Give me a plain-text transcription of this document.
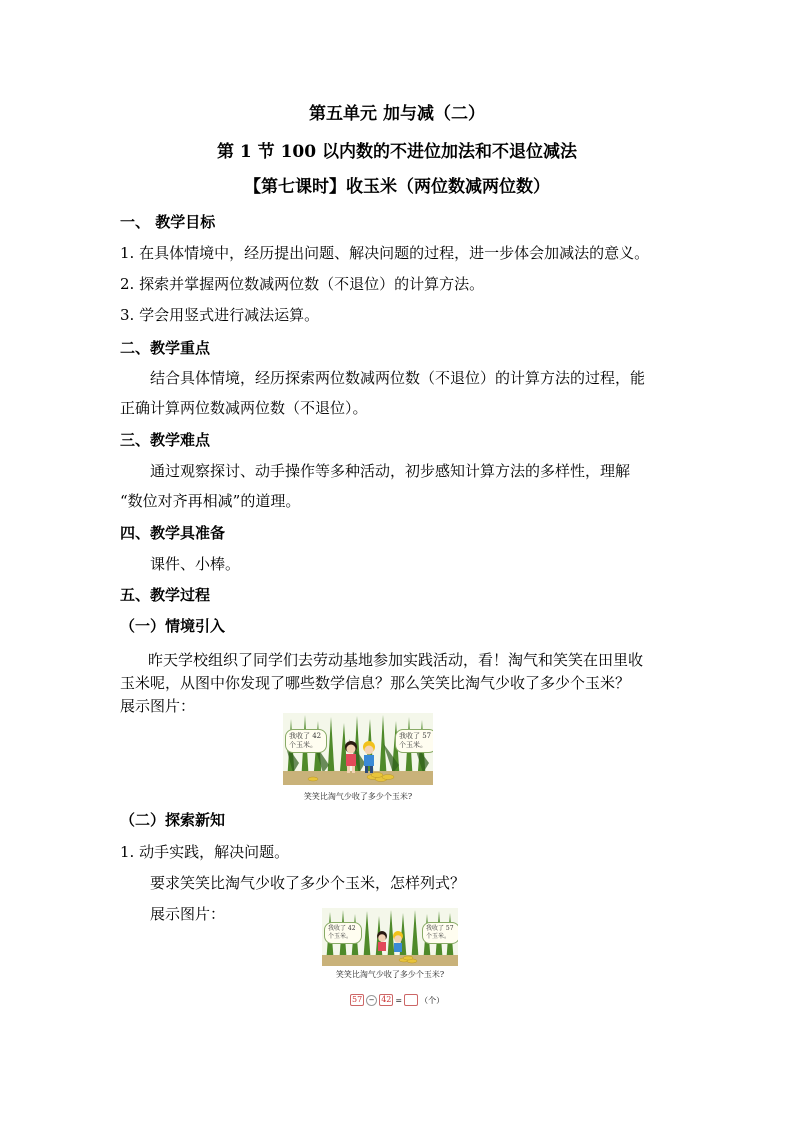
第五单元 加与减（二）
第 1 节 100 以内数的不进位加法和不退位减法
【第七课时】收玉米（两位数减两位数）
一、 教学目标
1. 在具体情境中，经历提出问题、解决问题的过程，进一步体会加减法的意义。
2. 探索并掌握两位数减两位数（不退位）的计算方法。
3. 学会用竖式进行减法运算。
二、教学重点
结合具体情境，经历探索两位数减两位数（不退位）的计算方法的过程，能
正确计算两位数减两位数（不退位）。
三、教学难点
通过观察探讨、动手操作等多种活动，初步感知计算方法的多样性，理解
“数位对齐再相减”的道理。
四、教学具准备
课件、小棒。
五、教学过程
（一）情境引入
昨天学校组织了同学们去劳动基地参加实践活动，看！淘气和笑笑在田里收
玉米呢，从图中你发现了哪些数学信息？那么笑笑比淘气少收了多少个玉米？
展示图片：
我收了 42 个玉米。
我收了 57 个玉米。
笑笑比淘气少收了多少个玉米?
（二）探索新知
1. 动手实践，解决问题。
要求笑笑比淘气少收了多少个玉米，怎样列式？
展示图片：
我收了 42 个玉米。
我收了 57 个玉米。
笑笑比淘气少收了多少个玉米?
57 − 42 = （个）
